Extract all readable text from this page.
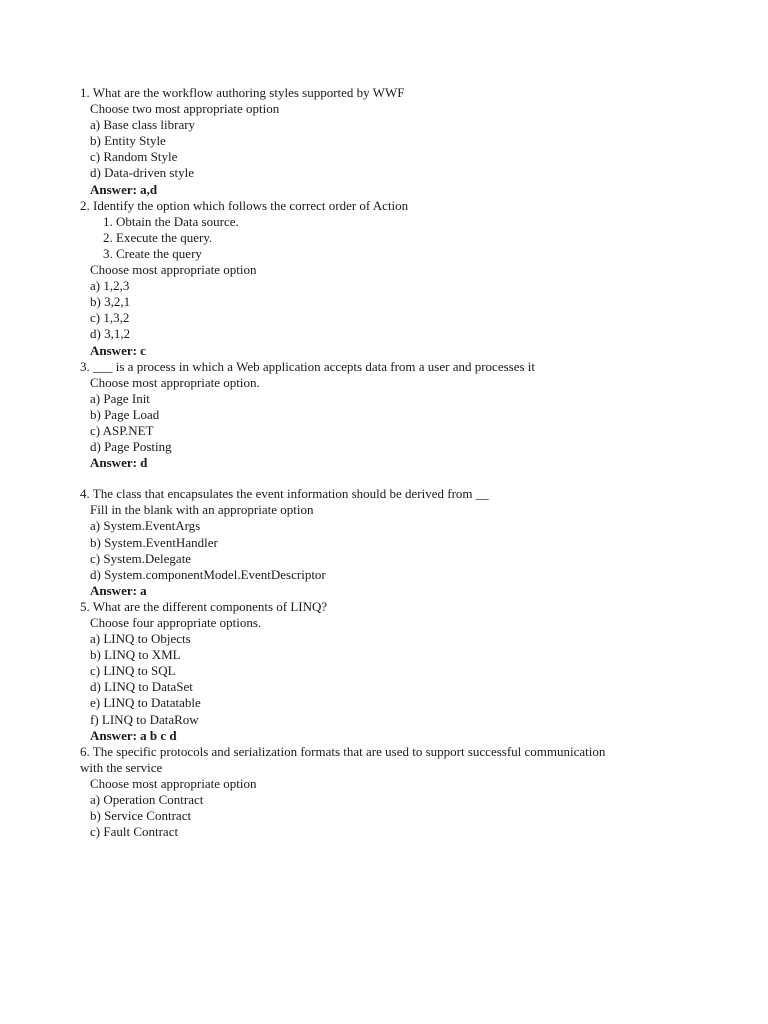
1. What are the workflow authoring styles supported by WWF
Choose two most appropriate option
a) Base class library
b) Entity Style
c) Random Style
d) Data-driven style
Answer: a,d
2. Identify the option which follows the correct order of Action
1. Obtain the Data source.
2. Execute the query.
3. Create the query
Choose most appropriate option
a) 1,2,3
b) 3,2,1
c) 1,3,2
d) 3,1,2
Answer: c
3. ___ is a process in which a Web application accepts data from a user and processes it
Choose most appropriate option.
a) Page Init
b) Page Load
c) ASP.NET
d) Page Posting
Answer: d
4. The class that encapsulates the event information should be derived from __
Fill in the blank with an appropriate option
a) System.EventArgs
b) System.EventHandler
c) System.Delegate
d) System.componentModel.EventDescriptor
Answer: a
5. What are the different components of LINQ?
Choose four appropriate options.
a) LINQ to Objects
b) LINQ to XML
c) LINQ to SQL
d) LINQ to DataSet
e) LINQ to Datatable
f) LINQ to DataRow
Answer: a b c d
6. The specific protocols and serialization formats that are used to support successful communication with the service
Choose most appropriate option
a) Operation Contract
b) Service Contract
c) Fault Contract
